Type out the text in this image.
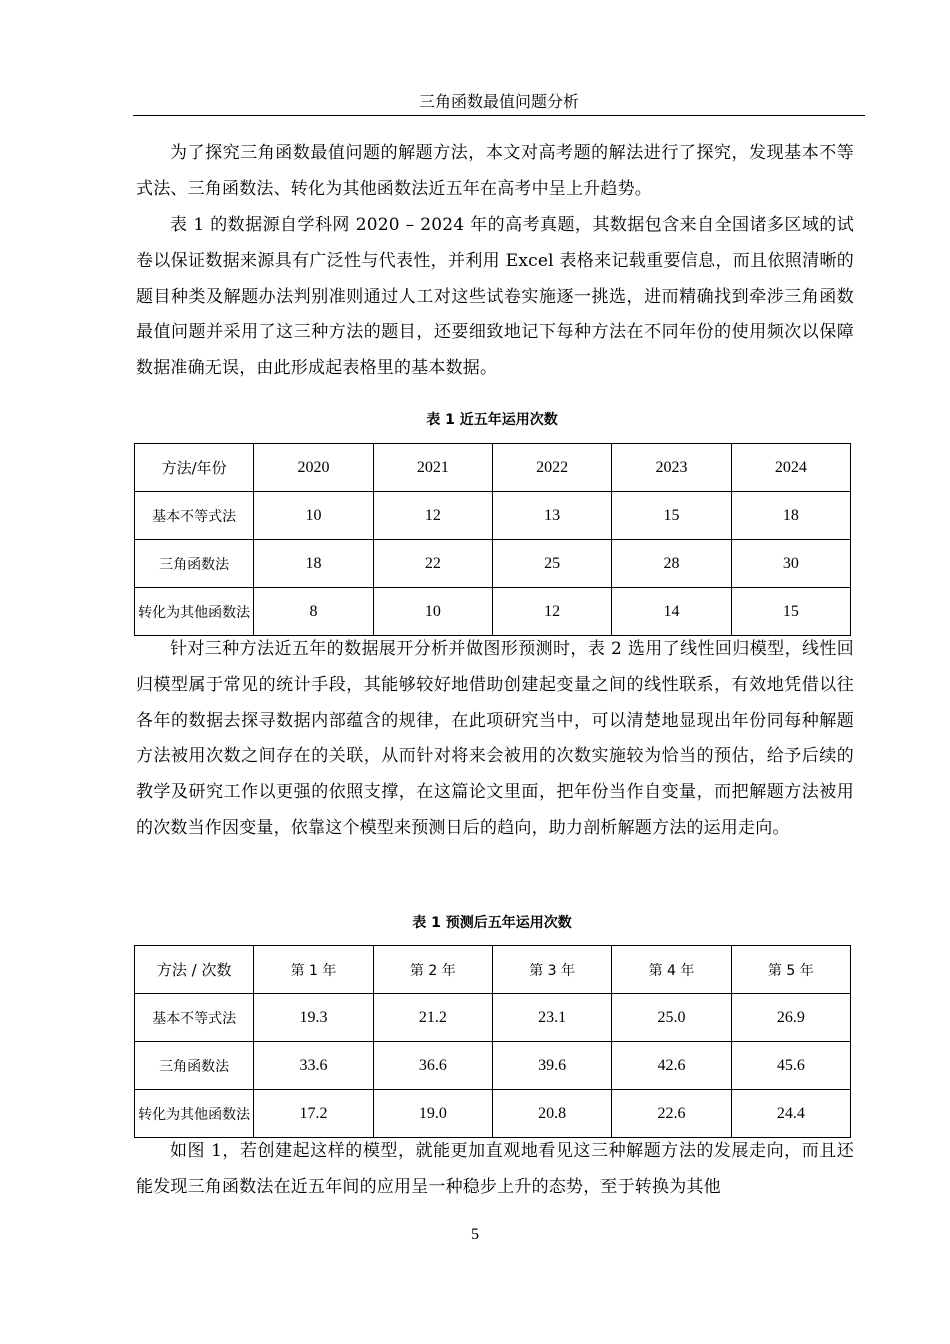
三角函数最值问题分析

为了探究三角函数最值问题的解题方法，本文对高考题的解法进行了探究，发现基本不等式法、三角函数法、转化为其他函数法近五年在高考中呈上升趋势。

表 1 的数据源自学科网 2020 – 2024 年的高考真题，其数据包含来自全国诸多区域的试卷以保证数据来源具有广泛性与代表性，并利用 Excel 表格来记载重要信息，而且依照清晰的题目种类及解题办法判别准则通过人工对这些试卷实施逐一挑选，进而精确找到牵涉三角函数最值问题并采用了这三种方法的题目，还要细致地记下每种方法在不同年份的使用频次以保障数据准确无误，由此形成起表格里的基本数据。

表 1 近五年运用次数
方法/年份	2020	2021	2022	2023	2024
基本不等式法	10	12	13	15	18
三角函数法	18	22	25	28	30
转化为其他函数法	8	10	12	14	15

针对三种方法近五年的数据展开分析并做图形预测时，表 2 选用了线性回归模型，线性回归模型属于常见的统计手段，其能够较好地借助创建起变量之间的线性联系，有效地凭借以往各年的数据去探寻数据内部蕴含的规律，在此项研究当中，可以清楚地显现出年份同每种解题方法被用次数之间存在的关联，从而针对将来会被用的次数实施较为恰当的预估，给予后续的教学及研究工作以更强的依照支撑，在这篇论文里面，把年份当作自变量，而把解题方法被用的次数当作因变量，依靠这个模型来预测日后的趋向，助力剖析解题方法的运用走向。

表 1 预测后五年运用次数
方法 / 次数	第 1 年	第 2 年	第 3 年	第 4 年	第 5 年
基本不等式法	19.3	21.2	23.1	25.0	26.9
三角函数法	33.6	36.6	39.6	42.6	45.6
转化为其他函数法	17.2	19.0	20.8	22.6	24.4

如图 1，若创建起这样的模型，就能更加直观地看见这三种解题方法的发展走向，而且还能发现三角函数法在近五年间的应用呈一种稳步上升的态势，至于转换为其他

5
